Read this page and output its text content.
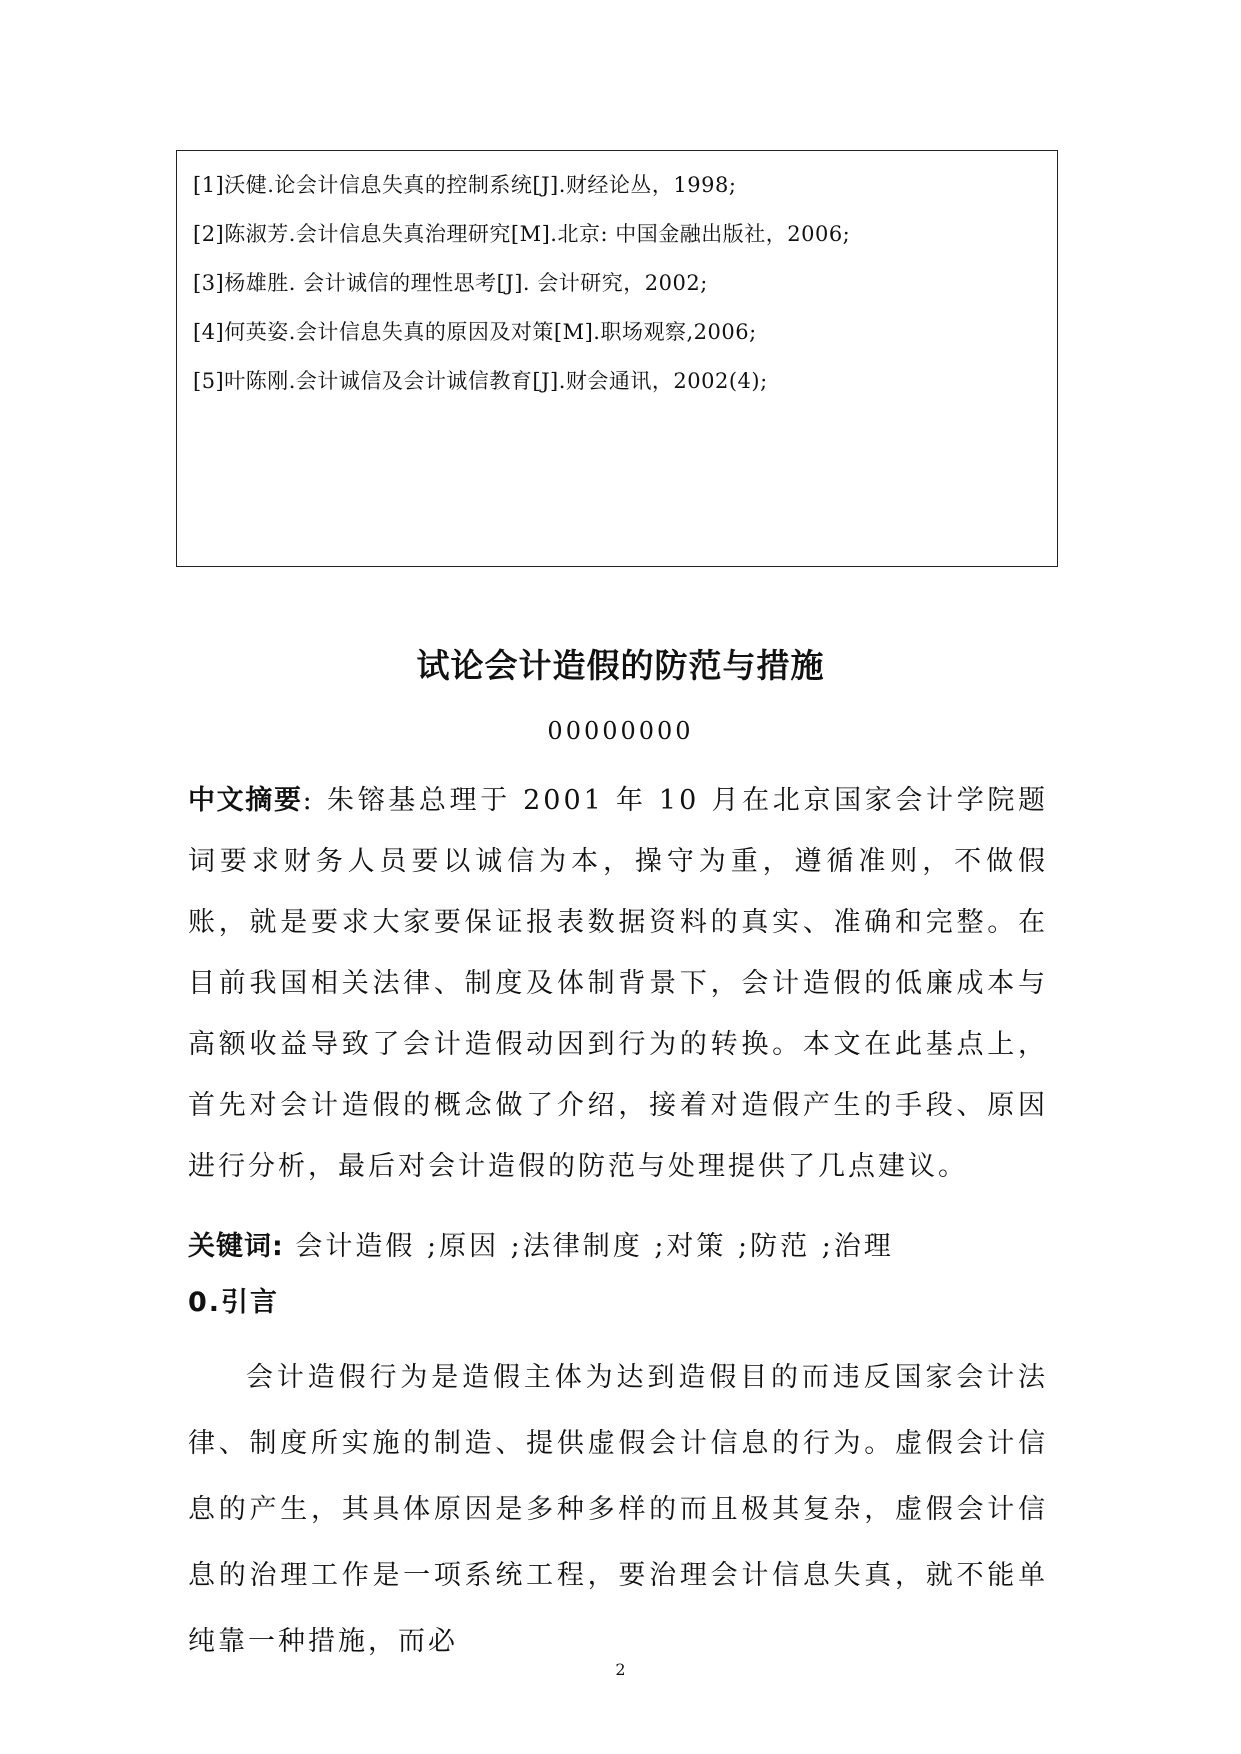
[1]沃健.论会计信息失真的控制系统[J].财经论丛，1998;
[2]陈淑芳.会计信息失真治理研究[M].北京: 中国金融出版社，2006;
[3]杨雄胜. 会计诚信的理性思考[J]. 会计研究，2002;
[4]何英姿.会计信息失真的原因及对策[M].职场观察,2006;
[5]叶陈刚.会计诚信及会计诚信教育[J].财会通讯，2002(4);
试论会计造假的防范与措施
00000000
中文摘要: 朱镕基总理于 2001 年 10 月在北京国家会计学院题词要求财务人员要以诚信为本，操守为重，遵循准则，不做假账，就是要求大家要保证报表数据资料的真实、准确和完整。在目前我国相关法律、制度及体制背景下，会计造假的低廉成本与高额收益导致了会计造假动因到行为的转换。本文在此基点上，首先对会计造假的概念做了介绍，接着对造假产生的手段、原因进行分析，最后对会计造假的防范与处理提供了几点建议。
关键词: 会计造假 ;原因 ;法律制度 ;对策 ;防范 ;治理
0.引言
会计造假行为是造假主体为达到造假目的而违反国家会计法律、制度所实施的制造、提供虚假会计信息的行为。虚假会计信息的产生，其具体原因是多种多样的而且极其复杂，虚假会计信息的治理工作是一项系统工程，要治理会计信息失真，就不能单纯靠一种措施，而必
2
